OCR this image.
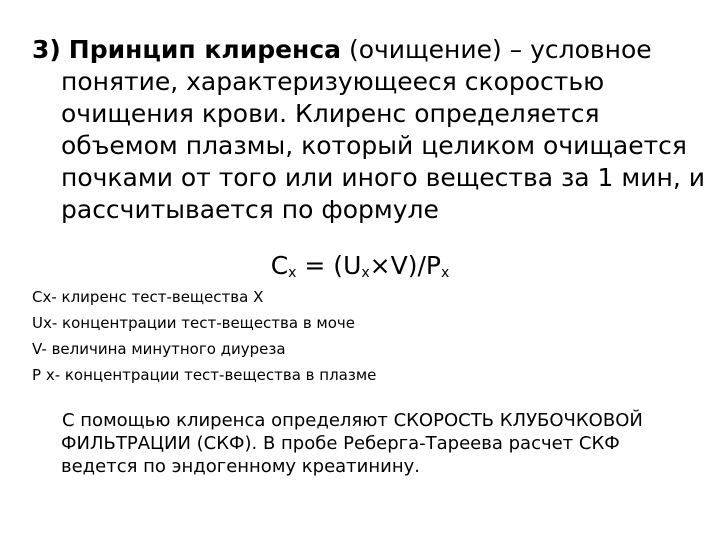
3) Принцип клиренса (очищение) – условное понятие, характеризующееся скоростью очищения крови. Клиренс определяется объемом плазмы, который целиком очищается почками от того или иного вещества за 1 мин, и рассчитывается по формуле
Cx = (Ux×V)/Px
Сх- клиренс тест-вещества Х
Ux- концентрации тест-вещества в моче
V- величина минутного диуреза
P x- концентрации тест-вещества в плазме
С помощью клиренса определяют СКОРОСТЬ КЛУБОЧКОВОЙ ФИЛЬТРАЦИИ (СКФ). В пробе Реберга-Тареева расчет СКФ ведется по эндогенному креатинину.
